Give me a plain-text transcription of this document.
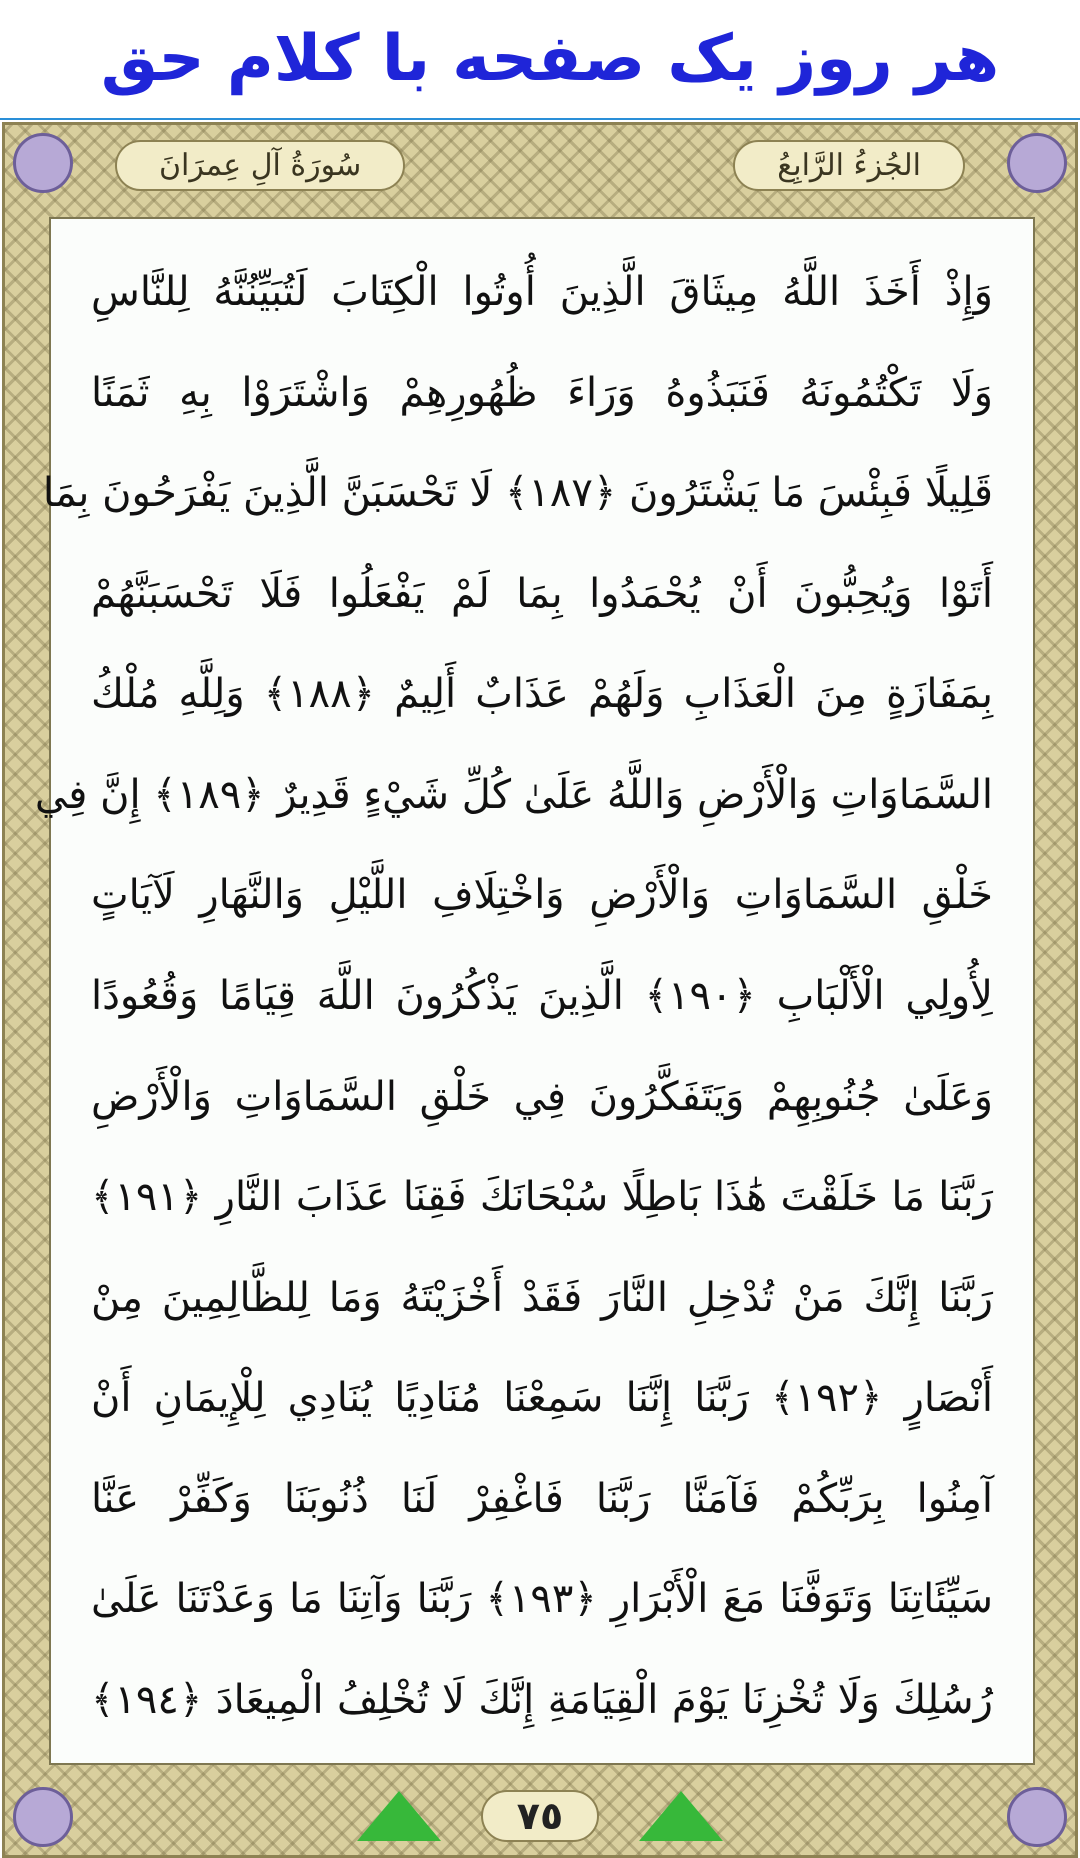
هر روز یک صفحه با کلام حق
سُورَةُ آلِ عِمرَانَ	الجُزءُ الرَّابِعُ
وَإِذْ أَخَذَ اللَّهُ مِيثَاقَ الَّذِينَ أُوتُوا الْكِتَابَ لَتُبَيِّنُنَّهُ لِلنَّاسِ
وَلَا تَكْتُمُونَهُ فَنَبَذُوهُ وَرَاءَ ظُهُورِهِمْ وَاشْتَرَوْا بِهِ ثَمَنًا
قَلِيلًا فَبِئْسَ مَا يَشْتَرُونَ ﴿١٨٧﴾ لَا تَحْسَبَنَّ الَّذِينَ يَفْرَحُونَ بِمَا
أَتَوْا وَيُحِبُّونَ أَنْ يُحْمَدُوا بِمَا لَمْ يَفْعَلُوا فَلَا تَحْسَبَنَّهُمْ
بِمَفَازَةٍ مِنَ الْعَذَابِ وَلَهُمْ عَذَابٌ أَلِيمٌ ﴿١٨٨﴾ وَلِلَّهِ مُلْكُ
السَّمَاوَاتِ وَالْأَرْضِ وَاللَّهُ عَلَىٰ كُلِّ شَيْءٍ قَدِيرٌ ﴿١٨٩﴾ إِنَّ فِي
خَلْقِ السَّمَاوَاتِ وَالْأَرْضِ وَاخْتِلَافِ اللَّيْلِ وَالنَّهَارِ لَآيَاتٍ
لِأُولِي الْأَلْبَابِ ﴿١٩٠﴾ الَّذِينَ يَذْكُرُونَ اللَّهَ قِيَامًا وَقُعُودًا
وَعَلَىٰ جُنُوبِهِمْ وَيَتَفَكَّرُونَ فِي خَلْقِ السَّمَاوَاتِ وَالْأَرْضِ
رَبَّنَا مَا خَلَقْتَ هَٰذَا بَاطِلًا سُبْحَانَكَ فَقِنَا عَذَابَ النَّارِ ﴿١٩١﴾
رَبَّنَا إِنَّكَ مَنْ تُدْخِلِ النَّارَ فَقَدْ أَخْزَيْتَهُ وَمَا لِلظَّالِمِينَ مِنْ
أَنْصَارٍ ﴿١٩٢﴾ رَبَّنَا إِنَّنَا سَمِعْنَا مُنَادِيًا يُنَادِي لِلْإِيمَانِ أَنْ
آمِنُوا بِرَبِّكُمْ فَآمَنَّا رَبَّنَا فَاغْفِرْ لَنَا ذُنُوبَنَا وَكَفِّرْ عَنَّا
سَيِّئَاتِنَا وَتَوَفَّنَا مَعَ الْأَبْرَارِ ﴿١٩٣﴾ رَبَّنَا وَآتِنَا مَا وَعَدْتَنَا عَلَىٰ
رُسُلِكَ وَلَا تُخْزِنَا يَوْمَ الْقِيَامَةِ إِنَّكَ لَا تُخْلِفُ الْمِيعَادَ ﴿١٩٤﴾
٧٥
